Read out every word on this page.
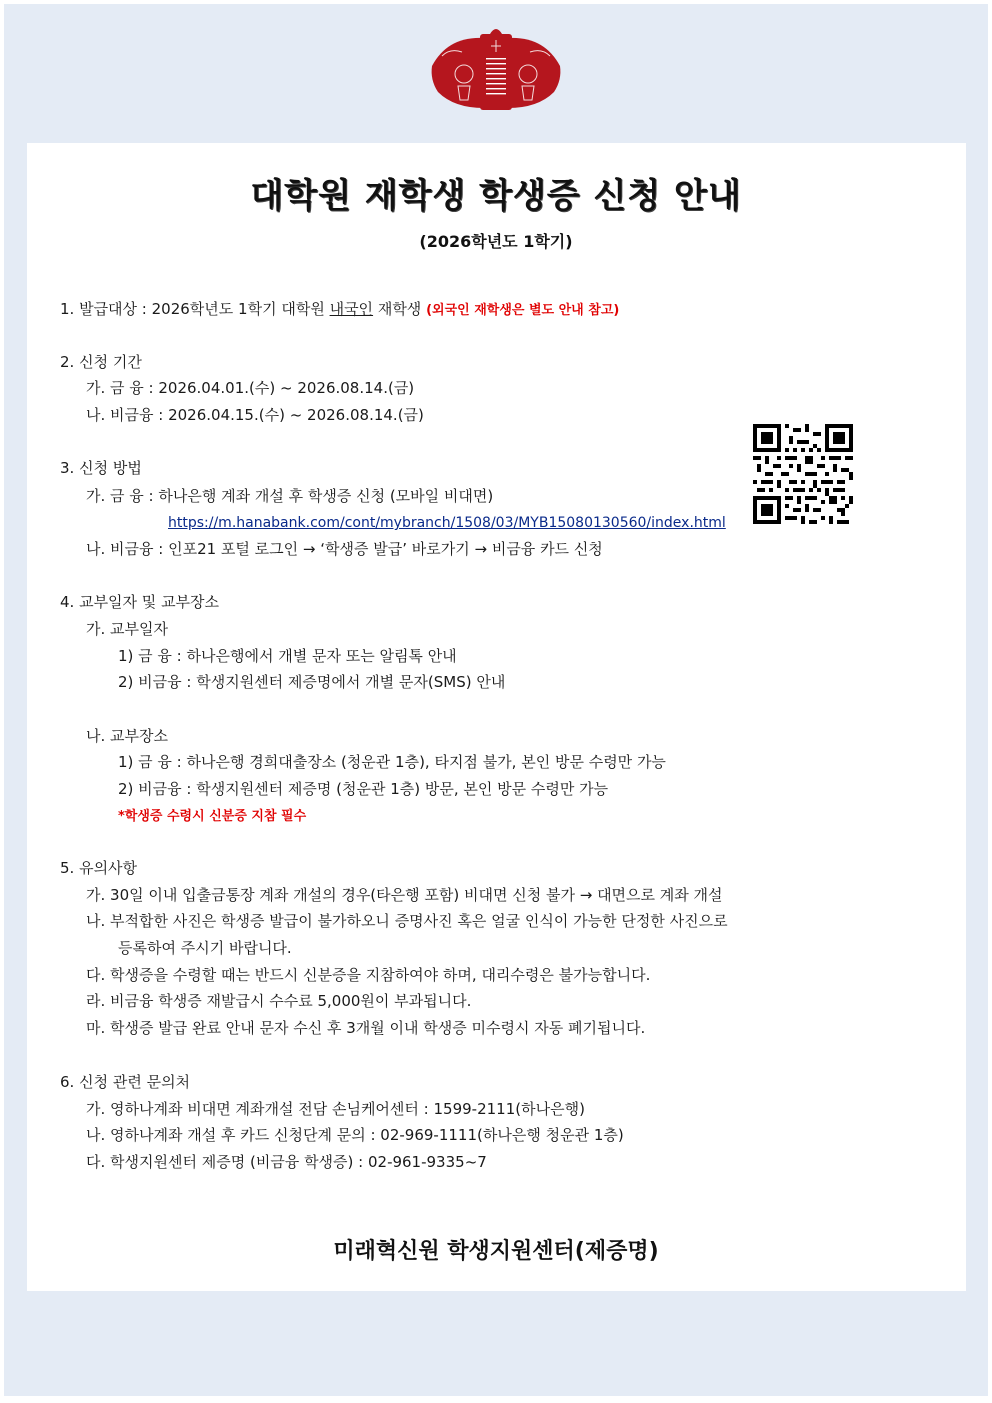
대학원 재학생 학생증 신청 안내
(2026학년도 1학기)
1. 발급대상 : 2026학년도 1학기 대학원 내국인 재학생 (외국인 재학생은 별도 안내 참고)
2. 신청 기간
가. 금 융 : 2026.04.01.(수) ~ 2026.08.14.(금)
나. 비금융 : 2026.04.15.(수) ~ 2026.08.14.(금)
3. 신청 방법
가. 금 융 : 하나은행 계좌 개설 후 학생증 신청 (모바일 비대면)
https://m.hanabank.com/cont/mybranch/1508/03/MYB15080130560/index.html
나. 비금융 : 인포21 포털 로그인 → ‘학생증 발급’ 바로가기 → 비금융 카드 신청
4. 교부일자 및 교부장소
가. 교부일자
1) 금 융 : 하나은행에서 개별 문자 또는 알림톡 안내
2) 비금융 : 학생지원센터 제증명에서 개별 문자(SMS) 안내
나. 교부장소
1) 금 융 : 하나은행 경희대출장소 (청운관 1층), 타지점 불가, 본인 방문 수령만 가능
2) 비금융 : 학생지원센터 제증명 (청운관 1층) 방문, 본인 방문 수령만 가능
*학생증 수령시 신분증 지참 필수
5. 유의사항
가. 30일 이내 입출금통장 계좌 개설의 경우(타은행 포함) 비대면 신청 불가 → 대면으로 계좌 개설
나. 부적합한 사진은 학생증 발급이 불가하오니 증명사진 혹은 얼굴 인식이 가능한 단정한 사진으로
등록하여 주시기 바랍니다.
다. 학생증을 수령할 때는 반드시 신분증을 지참하여야 하며, 대리수령은 불가능합니다.
라. 비금융 학생증 재발급시 수수료 5,000원이 부과됩니다.
마. 학생증 발급 완료 안내 문자 수신 후 3개월 이내 학생증 미수령시 자동 폐기됩니다.
6. 신청 관련 문의처
가. 영하나계좌 비대면 계좌개설 전담 손님케어센터 : 1599-2111(하나은행)
나. 영하나계좌 개설 후 카드 신청단계 문의 : 02-969-1111(하나은행 청운관 1층)
다. 학생지원센터 제증명 (비금융 학생증) : 02-961-9335~7
미래혁신원 학생지원센터(제증명)
